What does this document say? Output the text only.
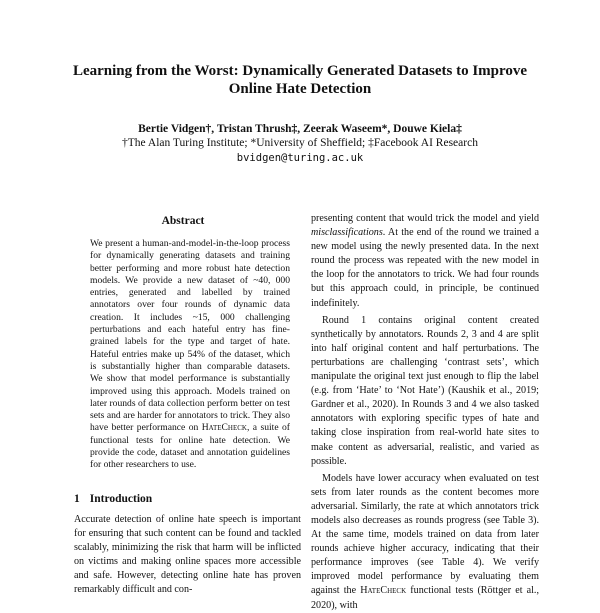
Learning from the Worst: Dynamically Generated Datasets to Improve Online Hate Detection
Bertie Vidgen†, Tristan Thrush‡, Zeerak Waseem*, Douwe Kiela‡
†The Alan Turing Institute; *University of Sheffield; ‡Facebook AI Research
bvidgen@turing.ac.uk
Abstract
We present a human-and-model-in-the-loop process for dynamically generating datasets and training better performing and more robust hate detection models. We provide a new dataset of ~40, 000 entries, generated and labelled by trained annotators over four rounds of dynamic data creation. It includes ~15, 000 challenging perturbations and each hateful entry has fine-grained labels for the type and target of hate. Hateful entries make up 54% of the dataset, which is substantially higher than comparable datasets. We show that model performance is substantially improved using this approach. Models trained on later rounds of data collection perform better on test sets and are harder for annotators to trick. They also have better performance on HateCheck, a suite of functional tests for online hate detection. We provide the code, dataset and annotation guidelines for other researchers to use.
1 Introduction
Accurate detection of online hate speech is important for ensuring that such content can be found and tackled scalably, minimizing the risk that harm will be inflicted on victims and making online spaces more accessible and safe. However, detecting online hate has proven remarkably difficult and con-

presenting content that would trick the model and yield misclassifications. At the end of the round we trained a new model using the newly presented data. In the next round the process was repeated with the new model in the loop for the annotators to trick. We had four rounds but this approach could, in principle, be continued indefinitely.

Round 1 contains original content created synthetically by annotators. Rounds 2, 3 and 4 are split into half original content and half perturbations. The perturbations are challenging ‘contrast sets’, which manipulate the original text just enough to flip the label (e.g. from ‘Hate’ to ‘Not Hate’) (Kaushik et al., 2019; Gardner et al., 2020). In Rounds 3 and 4 we also tasked annotators with exploring specific types of hate and taking close inspiration from real-world hate sites to make content as adversarial, realistic, and varied as possible.

Models have lower accuracy when evaluated on test sets from later rounds as the content becomes more adversarial. Similarly, the rate at which annotators trick models also decreases as rounds progress (see Table 3). At the same time, models trained on data from later rounds achieve higher accuracy, indicating that their performance improves (see Table 4). We verify improved model performance by evaluating them against the HateCheck functional tests (Röttger et al., 2020), with
